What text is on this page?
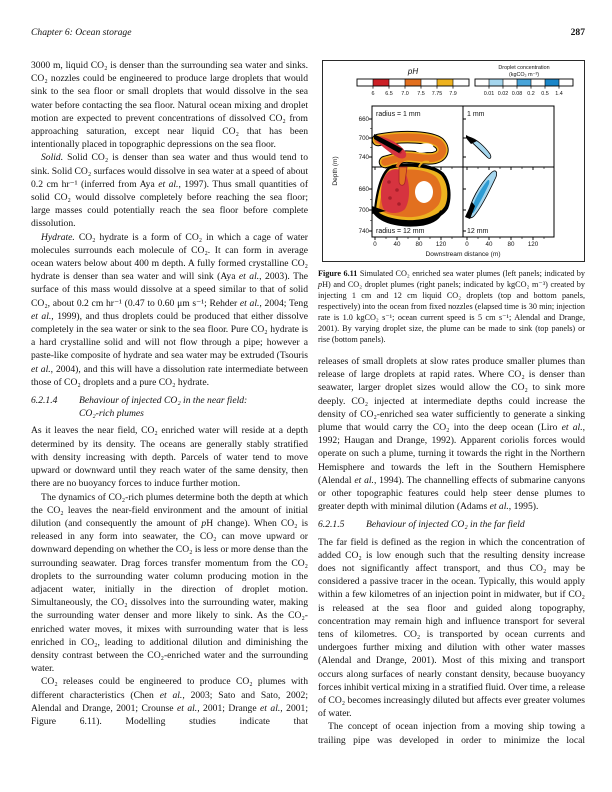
Chapter 6: Ocean storage	287

3000 m, liquid CO₂ is denser than the surrounding sea water and sinks. CO₂ nozzles could be engineered to produce large droplets that would sink to the sea floor or small droplets that would dissolve in the sea water before contacting the sea floor. Natural ocean mixing and droplet motion are expected to prevent concentrations of dissolved CO₂ from approaching saturation, except near liquid CO₂ that has been intentionally placed in topographic depressions on the sea floor.

Solid. Solid CO₂ is denser than sea water and thus would tend to sink. Solid CO₂ surfaces would dissolve in sea water at a speed of about 0.2 cm hr⁻¹ (inferred from Aya et al., 1997). Thus small quantities of solid CO₂ would dissolve completely before reaching the sea floor; large masses could potentially reach the sea floor before complete dissolution.

Hydrate. CO₂ hydrate is a form of CO₂ in which a cage of water molecules surrounds each molecule of CO₂. It can form in average ocean waters below about 400 m depth. A fully formed crystalline CO₂ hydrate is denser than sea water and will sink (Aya et al., 2003). The surface of this mass would dissolve at a speed similar to that of solid CO₂, about 0.2 cm hr⁻¹ (0.47 to 0.60 μm s⁻¹; Rehder et al., 2004; Teng et al., 1999), and thus droplets could be produced that either dissolve completely in the sea water or sink to the sea floor. Pure CO₂ hydrate is a hard crystalline solid and will not flow through a pipe; however a paste-like composite of hydrate and sea water may be extruded (Tsouris et al., 2004), and this will have a dissolution rate intermediate between those of CO₂ droplets and a pure CO₂ hydrate.

6.2.1.4	Behaviour of injected CO₂ in the near field:
CO₂-rich plumes

As it leaves the near field, CO₂ enriched water will reside at a depth determined by its density. The oceans are generally stably stratified with density increasing with depth. Parcels of water tend to move upward or downward until they reach water of the same density, then there are no buoyancy forces to induce further motion.

The dynamics of CO₂-rich plumes determine both the depth at which the CO₂ leaves the near-field environment and the amount of initial dilution (and consequently the amount of pH change). When CO₂ is released in any form into seawater, the CO₂ can move upward or downward depending on whether the CO₂ is less or more dense than the surrounding seawater. Drag forces transfer momentum from the CO₂ droplets to the surrounding water column producing motion in the adjacent water, initially in the direction of droplet motion. Simultaneously, the CO₂ dissolves into the surrounding water, making the surrounding water denser and more likely to sink. As the CO₂-enriched water moves, it mixes with surrounding water that is less enriched in CO₂, leading to additional dilution and diminishing the density contrast between the CO₂-enriched water and the surrounding water.

CO₂ releases could be engineered to produce CO₂ plumes with different characteristics (Chen et al., 2003; Sato and Sato, 2002; Alendal and Drange, 2001; Crounse et al., 2001; Drange et al., 2001; Figure 6.11). Modelling studies indicate that

pH
6 6.5 7.0 7.5 7.75 7.9
Droplet concentration
(kgCO₂ m⁻³)
0.01 0.02 0.08 0.2 0.5 1.4
660
700
740
660
700
740
0	40 80 120	0	40 80 120
Downstream distance (m)
Depth (m)
radius = 1 mm	1 mm
radius = 12 mm	12 mm
Figure 6.11 Simulated CO₂ enriched sea water plumes (left panels; indicated by pH) and CO₂ droplet plumes (right panels; indicated by kgCO₂ m⁻³) created by injecting 1 cm and 12 cm liquid CO₂ droplets (top and bottom panels, respectively) into the ocean from fixed nozzles (elapsed time is 30 min; injection rate is 1.0 kgCO₂ s⁻¹; ocean current speed is 5 cm s⁻¹; Alendal and Drange, 2001). By varying droplet size, the plume can be made to sink (top panels) or rise (bottom panels).

releases of small droplets at slow rates produce smaller plumes than release of large droplets at rapid rates. Where CO₂ is denser than seawater, larger droplet sizes would allow the CO₂ to sink more deeply. CO₂ injected at intermediate depths could increase the density of CO₂-enriched sea water sufficiently to generate a sinking plume that would carry the CO₂ into the deep ocean (Liro et al., 1992; Haugan and Drange, 1992). Apparent coriolis forces would operate on such a plume, turning it towards the right in the Northern Hemisphere and towards the left in the Southern Hemisphere (Alendal et al., 1994). The channelling effects of submarine canyons or other topographic features could help steer dense plumes to greater depth with minimal dilution (Adams et al., 1995).

6.2.1.5	Behaviour of injected CO₂ in the far field

The far field is defined as the region in which the concentration of added CO₂ is low enough such that the resulting density increase does not significantly affect transport, and thus CO₂ may be considered a passive tracer in the ocean. Typically, this would apply within a few kilometres of an injection point in midwater, but if CO₂ is released at the sea floor and guided along topography, concentration may remain high and influence transport for several tens of kilometres. CO₂ is transported by ocean currents and undergoes further mixing and dilution with other water masses (Alendal and Drange, 2001). Most of this mixing and transport occurs along surfaces of nearly constant density, because buoyancy forces inhibit vertical mixing in a stratified fluid. Over time, a release of CO₂ becomes increasingly diluted but affects ever greater volumes of water.

The concept of ocean injection from a moving ship towing a trailing pipe was developed in order to minimize the local
